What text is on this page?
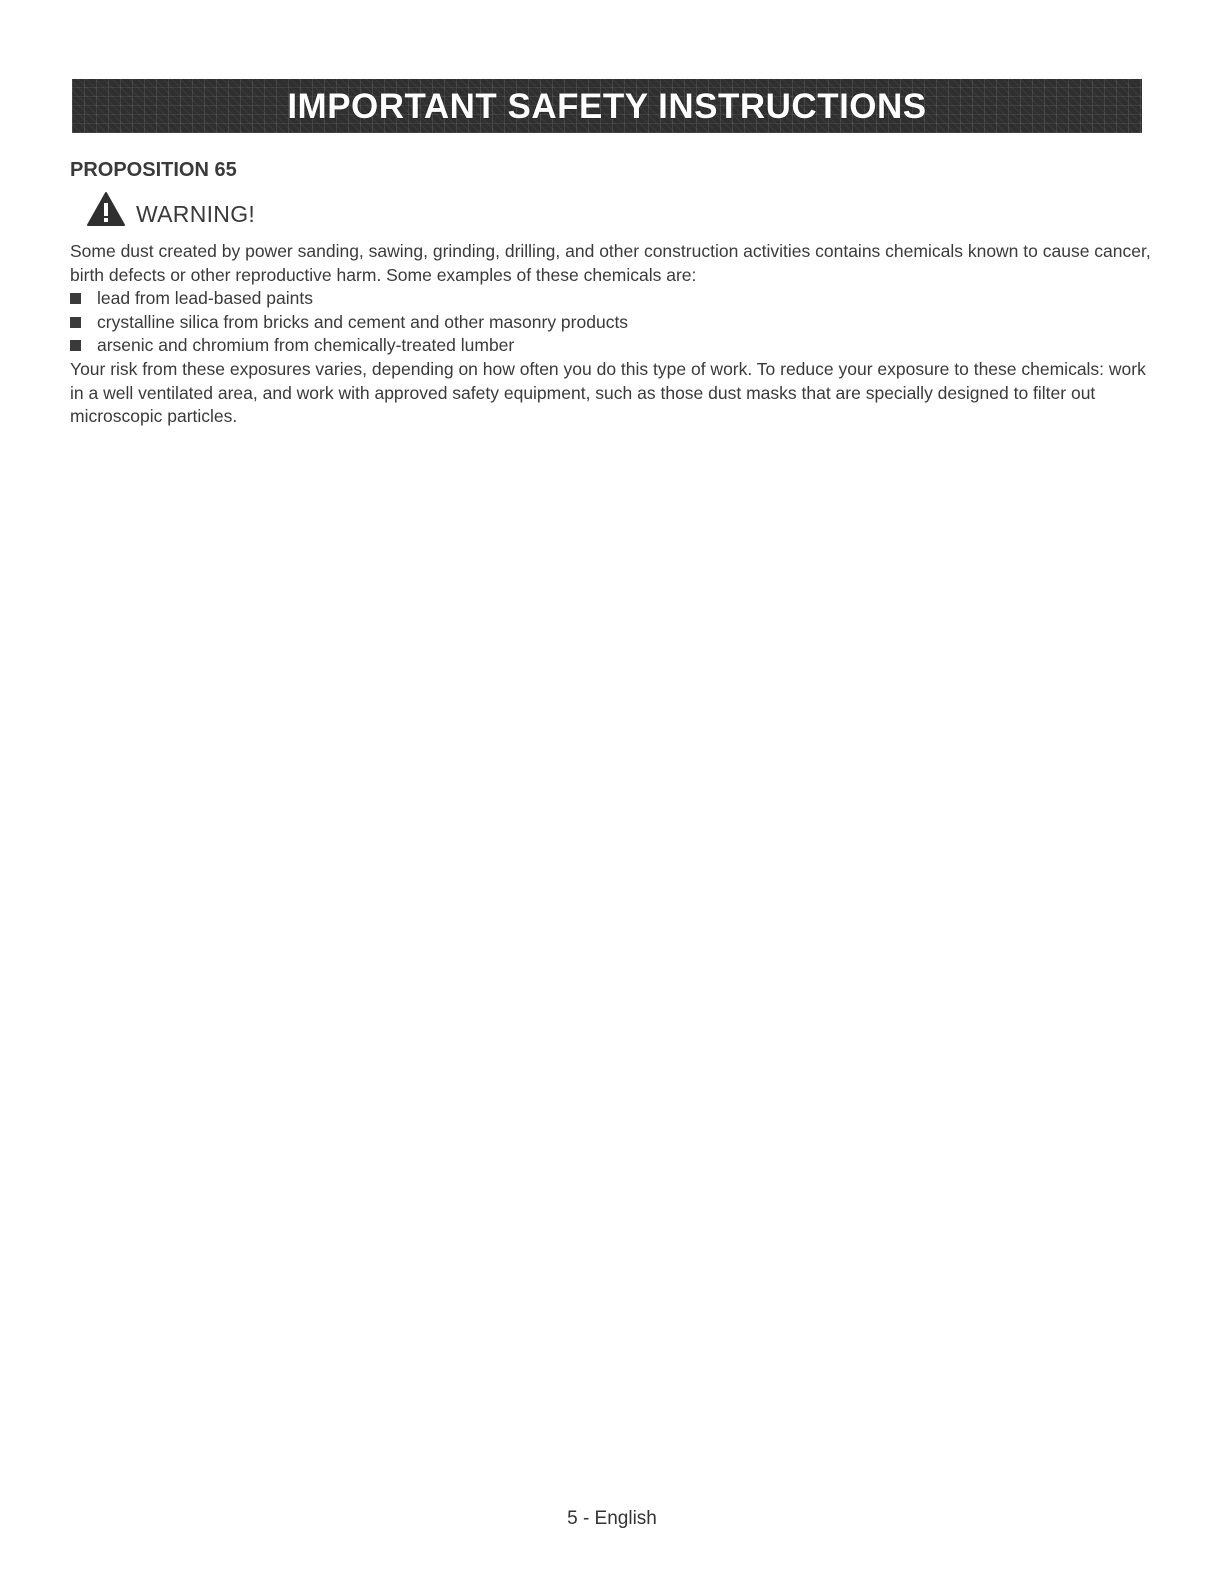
IMPORTANT SAFETY INSTRUCTIONS
PROPOSITION 65
WARNING!

Some dust created by power sanding, sawing, grinding, drilling, and other construction activities contains chemicals known to cause cancer, birth defects or other reproductive harm. Some examples of these chemicals are:

lead from lead-based paints
crystalline silica from bricks and cement and other masonry products
arsenic and chromium from chemically-treated lumber

Your risk from these exposures varies, depending on how often you do this type of work. To reduce your exposure to these chemicals: work in a well ventilated area, and work with approved safety equipment, such as those dust masks that are specially designed to filter out microscopic particles.

5 - English
